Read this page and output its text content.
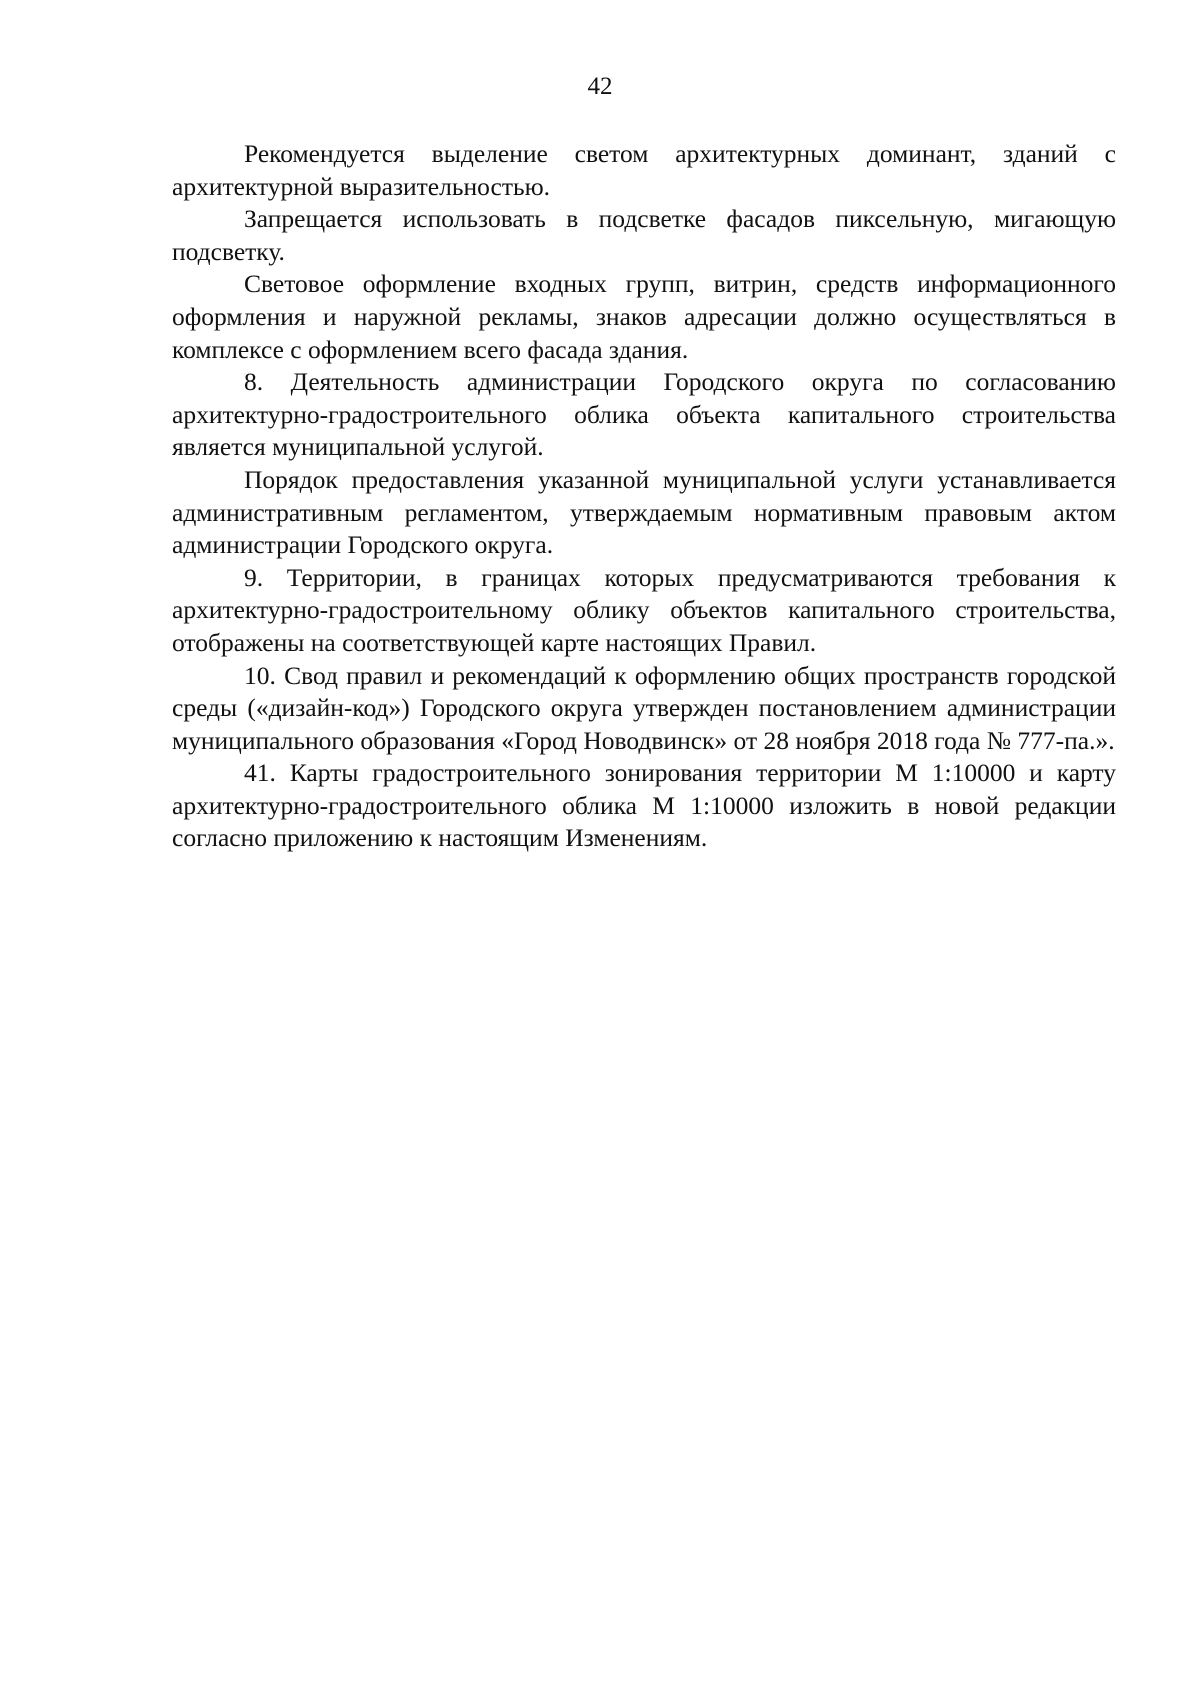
42

Рекомендуется выделение светом архитектурных доминант, зданий с архитектурной выразительностью.

Запрещается использовать в подсветке фасадов пиксельную, мигающую подсветку.

Световое оформление входных групп, витрин, средств информационного оформления и наружной рекламы, знаков адресации должно осуществляться в комплексе с оформлением всего фасада здания.

8. Деятельность администрации Городского округа по согласованию архитектурно-градостроительного облика объекта капитального строительства является муниципальной услугой.

Порядок предоставления указанной муниципальной услуги устанавливается административным регламентом, утверждаемым нормативным правовым актом администрации Городского округа.

9. Территории, в границах которых предусматриваются требования к архитектурно-градостроительному облику объектов капитального строительства, отображены на соответствующей карте настоящих Правил.

10. Свод правил и рекомендаций к оформлению общих пространств городской среды («дизайн-код») Городского округа утвержден постановлением администрации муниципального образования «Город Новодвинск» от 28 ноября 2018 года № 777-па.».

41. Карты градостроительного зонирования территории М 1:10000 и карту архитектурно-градостроительного облика М 1:10000 изложить в новой редакции согласно приложению к настоящим Изменениям.
